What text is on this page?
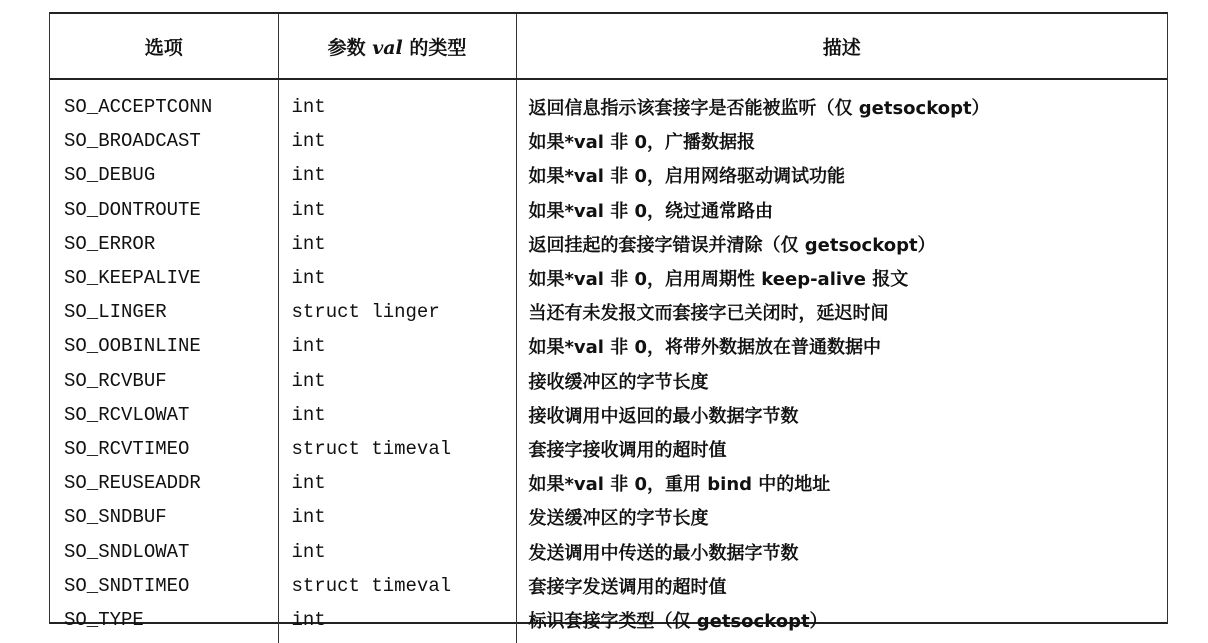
选项	参数 val 的类型	描述
SO_ACCEPTCONN	int	返回信息指示该套接字是否能被监听（仅 getsockopt）
SO_BROADCAST	int	如果*val 非 0，广播数据报
SO_DEBUG	int	如果*val 非 0，启用网络驱动调试功能
SO_DONTROUTE	int	如果*val 非 0，绕过通常路由
SO_ERROR	int	返回挂起的套接字错误并清除（仅 getsockopt）
SO_KEEPALIVE	int	如果*val 非 0，启用周期性 keep-alive 报文
SO_LINGER	struct linger	当还有未发报文而套接字已关闭时，延迟时间
SO_OOBINLINE	int	如果*val 非 0，将带外数据放在普通数据中
SO_RCVBUF	int	接收缓冲区的字节长度
SO_RCVLOWAT	int	接收调用中返回的最小数据字节数
SO_RCVTIMEO	struct timeval	套接字接收调用的超时值
SO_REUSEADDR	int	如果*val 非 0，重用 bind 中的地址
SO_SNDBUF	int	发送缓冲区的字节长度
SO_SNDLOWAT	int	发送调用中传送的最小数据字节数
SO_SNDTIMEO	struct timeval	套接字发送调用的超时值
SO_TYPE	int	标识套接字类型（仅 getsockopt）
